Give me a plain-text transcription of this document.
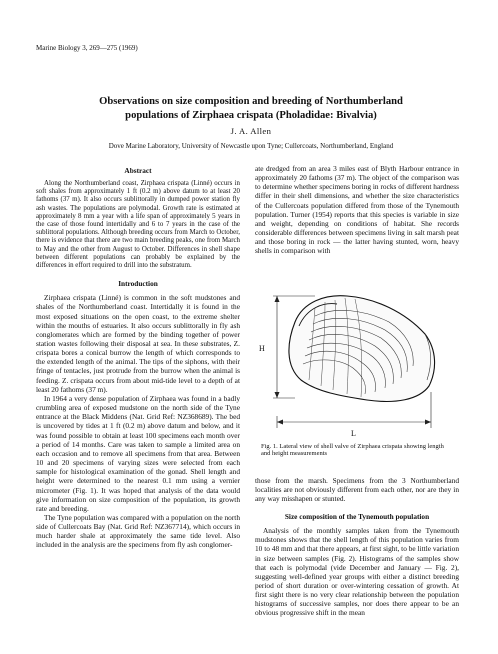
Marine Biology 3, 269—275 (1969)
Observations on size composition and breeding of Northumberland
populations of Zirphaea crispata (Pholadidae: Bivalvia)
J. A. Allen
Dove Marine Laboratory, University of Newcastle upon Tyne; Cullercoats, Northumberland, England
Abstract

Along the Northumberland coast, Zirphaea crispata (Linné) occurs in soft shales from approximately 1 ft (0.2 m) above datum to at least 20 fathoms (37 m). It also occurs sublittorally in dumped power station fly ash wastes. The populations are polymodal. Growth rate is estimated at approximately 8 mm a year with a life span of approximately 5 years in the case of those found intertidally and 6 to 7 years in the case of the sublittoral populations. Although breeding occurs from March to October, there is evidence that there are two main breeding peaks, one from March to May and the other from August to October. Differences in shell shape between different populations can probably be explained by the differences in effort required to drill into the substratum.

Introduction

Zirphaea crispata (Linné) is common in the soft mudstones and shales of the Northumberland coast. Intertidally it is found in the most exposed situations on the open coast, to the extreme shelter within the mouths of estuaries. It also occurs sublittorally in fly ash conglomerates which are formed by the binding together of power station wastes following their disposal at sea. In these substrates, Z. crispata bores a conical burrow the length of which corresponds to the extended length of the animal. The tips of the siphons, with their fringe of tentacles, just protrude from the burrow when the animal is feeding. Z. crispata occurs from about mid-tide level to a depth of at least 20 fathoms (37 m).

In 1964 a very dense population of Zirphaea was found in a badly crumbling area of exposed mudstone on the north side of the Tyne entrance at the Black Middens (Nat. Grid Ref: NZ368689). The bed is uncovered by tides at 1 ft (0.2 m) above datum and below, and it was found possible to obtain at least 100 specimens each month over a period of 14 months. Care was taken to sample a limited area on each occasion and to remove all specimens from that area. Between 10 and 20 specimens of varying sizes were selected from each sample for histological examination of the gonad. Shell length and height were determined to the nearest 0.1 mm using a vernier micrometer (Fig. 1). It was hoped that analysis of the data would give information on size composition of the population, its growth rate and breeding.

The Tyne population was compared with a population on the north side of Cullercoats Bay (Nat. Grid Ref: NZ367714), which occurs in much harder shale at approximately the same tide level. Also included in the analysis are the specimens from fly ash conglomer-

ate dredged from an area 3 miles east of Blyth Harbour entrance in approximately 20 fathoms (37 m). The object of the comparison was to determine whether specimens boring in rocks of different hardness differ in their shell dimensions, and whether the size characteristics of the Cullercoats population differed from those of the Tynemouth population. Turner (1954) reports that this species is variable in size and weight, depending on conditions of habitat. She records considerable differences between specimens living in salt marsh peat and those boring in rock — the latter having stunted, worn, heavy shells in comparison with

H
L

Fig. 1. Lateral view of shell valve of Zirphaea crispata showing length and height measurements

those from the marsh. Specimens from the 3 Northumberland localities are not obviously different from each other, nor are they in any way misshapen or stunted.

Size composition of the Tynemouth population

Analysis of the monthly samples taken from the Tynemouth mudstones shows that the shell length of this population varies from 10 to 48 mm and that there appears, at first sight, to be little variation in size between samples (Fig. 2). Histograms of the samples show that each is polymodal (vide December and January — Fig. 2), suggesting well-defined year groups with either a distinct breeding period of short duration or over-wintering cessation of growth. At first sight there is no very clear relationship between the population histograms of successive samples, nor does there appear to be an obvious progressive shift in the mean
